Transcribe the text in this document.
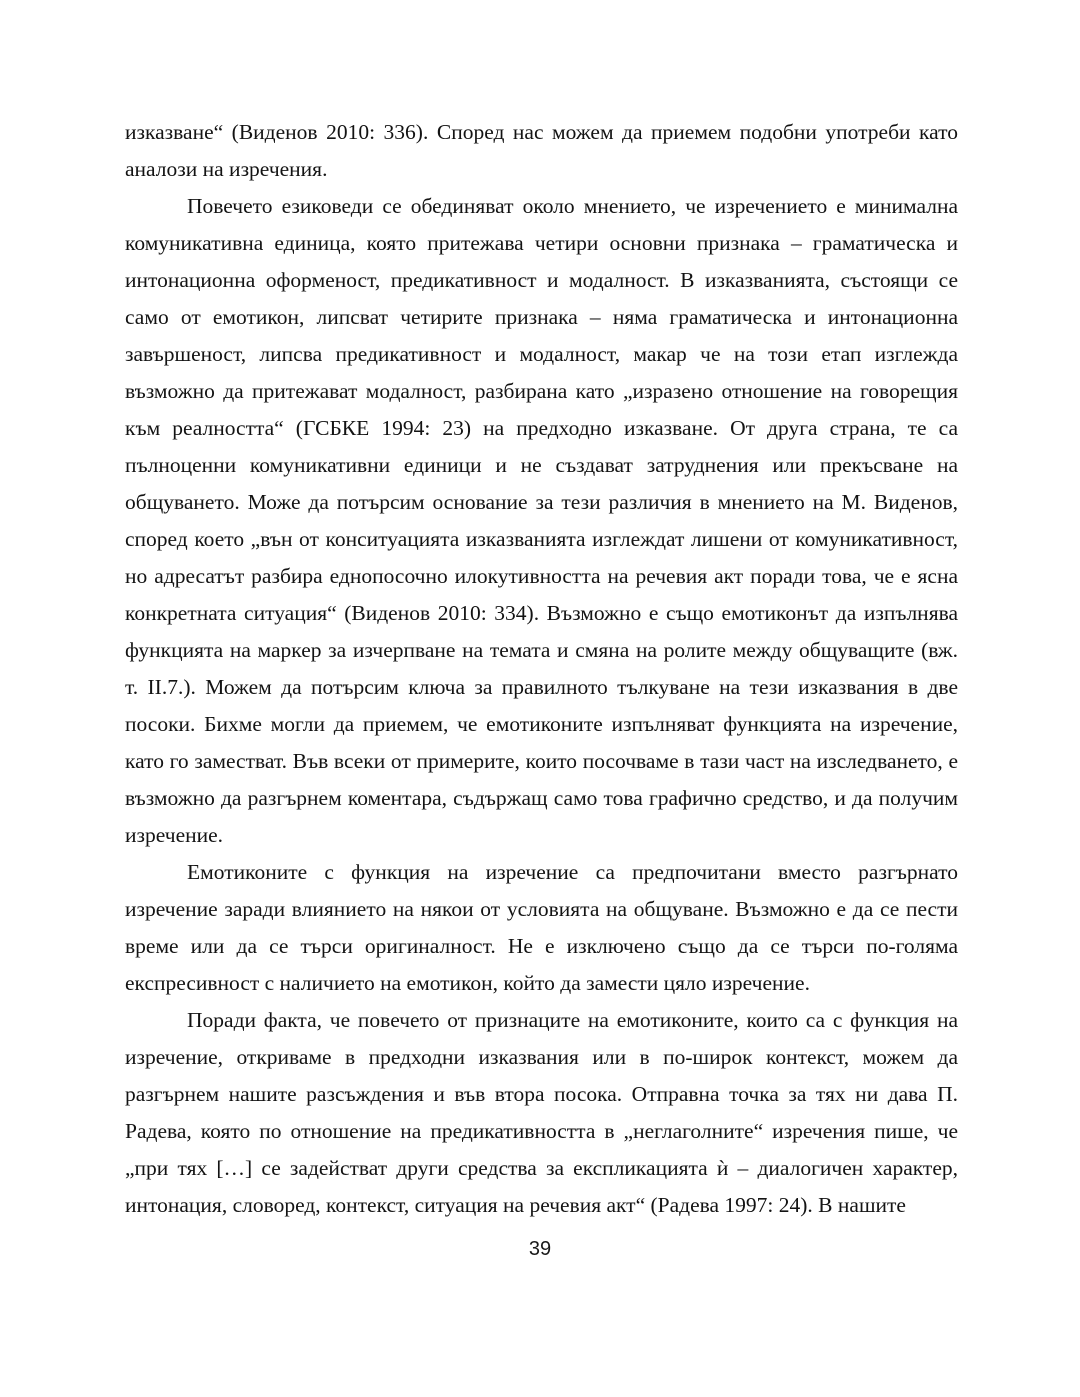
изказване“ (Виденов 2010: 336). Според нас можем да приемем подобни употреби като аналози на изречения.

Повечето езиковеди се обединяват около мнението, че изречението е минимална комуникативна единица, която притежава четири основни признака – граматическа и интонационна оформеност, предикативност и модалност. В изказванията, състоящи се само от емотикон, липсват четирите признака – няма граматическа и интонационна завършеност, липсва предикативност и модалност, макар че на този етап изглежда възможно да притежават модалност, разбирана като „изразено отношение на говорещия към реалността“ (ГСБКЕ 1994: 23) на предходно изказване. От друга страна, те са пълноценни комуникативни единици и не създават затруднения или прекъсване на общуването. Може да потърсим основание за тези различия в мнението на М. Виденов, според което „вън от конситуацията изказванията изглеждат лишени от комуникативност, но адресатът разбира еднопосочно илокутивността на речевия акт поради това, че е ясна конкретната ситуация“ (Виденов 2010: 334). Възможно е също емотиконът да изпълнява функцията на маркер за изчерпване на темата и смяна на ролите между общуващите (вж. т. II.7.). Можем да потърсим ключа за правилното тълкуване на тези изказвания в две посоки. Бихме могли да приемем, че емотиконите изпълняват функцията на изречение, като го заместват. Във всеки от примерите, които посочваме в тази част на изследването, е възможно да разгърнем коментара, съдържащ само това графично средство, и да получим изречение.

Емотиконите с функция на изречение са предпочитани вместо разгърнато изречение заради влиянието на някои от условията на общуване. Възможно е да се пести време или да се търси оригиналност. Не е изключено също да се търси по-голяма експресивност с наличието на емотикон, който да замести цяло изречение.

Поради факта, че повечето от признаците на емотиконите, които са с функция на изречение, откриваме в предходни изказвания или в по-широк контекст, можем да разгърнем нашите разсъждения и във втора посока. Отправна точка за тях ни дава П. Радева, която по отношение на предикативността в „неглаголните“ изречения пише, че „при тях […] се задействат други средства за експликацията ѝ – диалогичен характер, интонация, словоред, контекст, ситуация на речевия акт“ (Радева 1997: 24). В нашите

39
